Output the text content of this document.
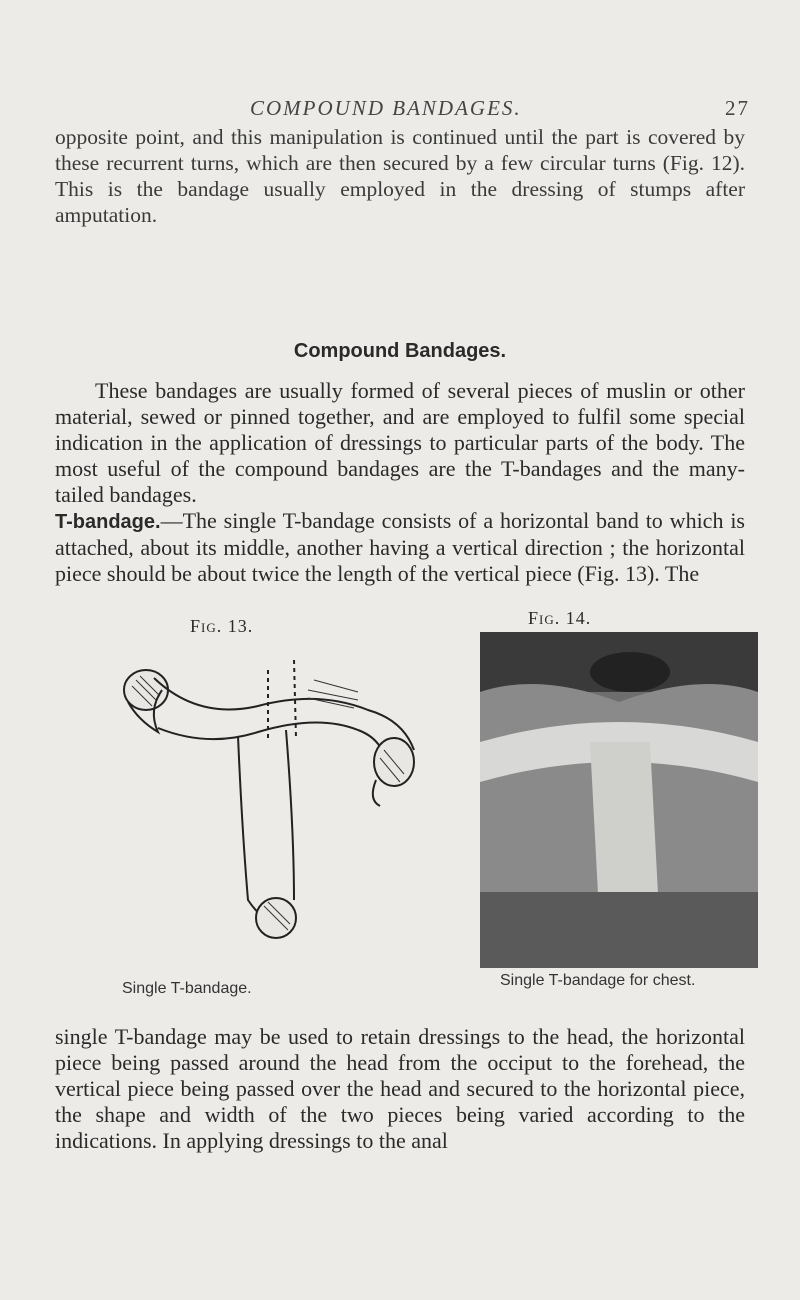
COMPOUND BANDAGES.	27
opposite point, and this manipulation is continued until the part is covered by these recurrent turns, which are then secured by a few circular turns (Fig. 12). This is the bandage usually employed in the dressing of stumps after amputation.
Compound Bandages.
These bandages are usually formed of several pieces of muslin or other material, sewed or pinned together, and are employed to fulfil some special indication in the application of dressings to particular parts of the body. The most useful of the compound bandages are the T-bandages and the many-tailed bandages.
T-bandage.—The single T-bandage consists of a horizontal band to which is attached, about its middle, another having a vertical direction ; the horizontal piece should be about twice the length of the vertical piece (Fig. 13). The
Fig. 13.	Fig. 14.
Single T-bandage.	Single T-bandage for chest.
single T-bandage may be used to retain dressings to the head, the horizontal piece being passed around the head from the occiput to the forehead, the vertical piece being passed over the head and secured to the horizontal piece, the shape and width of the two pieces being varied according to the indications. In applying dressings to the anal
